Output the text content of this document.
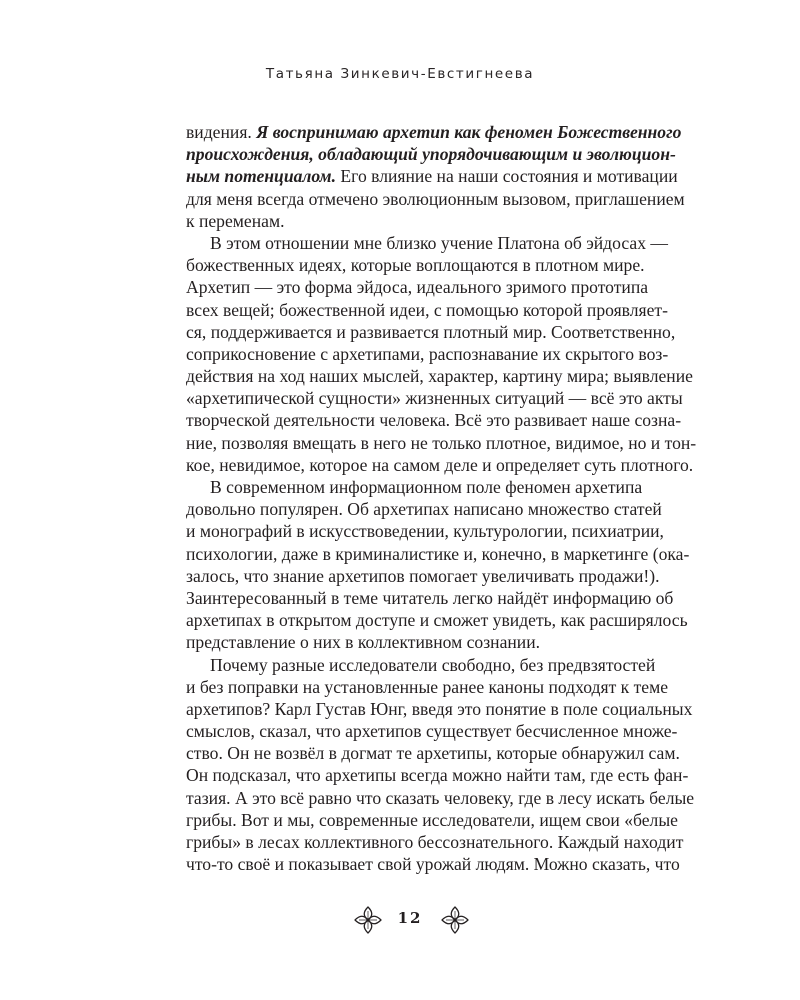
Татьяна Зинкевич-Евстигнеева
видения. Я воспринимаю архетип как феномен Божественного
происхождения, обладающий упорядочивающим и эволюцион-
ным потенциалом. Его влияние на наши состояния и мотивации
для меня всегда отмечено эволюционным вызовом, приглашением
к переменам.
В этом отношении мне близко учение Платона об эйдосах —
божественных идеях, которые воплощаются в плотном мире.
Архетип — это форма эйдоса, идеального зримого прототипа
всех вещей; божественной идеи, с помощью которой проявляет-
ся, поддерживается и развивается плотный мир. Соответственно,
соприкосновение с архетипами, распознавание их скрытого воз-
действия на ход наших мыслей, характер, картину мира; выявление
«архетипической сущности» жизненных ситуаций — всё это акты
творческой деятельности человека. Всё это развивает наше созна-
ние, позволяя вмещать в него не только плотное, видимое, но и тон-
кое, невидимое, которое на самом деле и определяет суть плотного.
В современном информационном поле феномен архетипа
довольно популярен. Об архетипах написано множество статей
и монографий в искусствоведении, культурологии, психиатрии,
психологии, даже в криминалистике и, конечно, в маркетинге (ока-
залось, что знание архетипов помогает увеличивать продажи!).
Заинтересованный в теме читатель легко найдёт информацию об
архетипах в открытом доступе и сможет увидеть, как расширялось
представление о них в коллективном сознании.
Почему разные исследователи свободно, без предвзятостей
и без поправки на установленные ранее каноны подходят к теме
архетипов? Карл Густав Юнг, введя это понятие в поле социальных
смыслов, сказал, что архетипов существует бесчисленное множе-
ство. Он не возвёл в догмат те архетипы, которые обнаружил сам.
Он подсказал, что архетипы всегда можно найти там, где есть фан-
тазия. А это всё равно что сказать человеку, где в лесу искать белые
грибы. Вот и мы, современные исследователи, ищем свои «белые
грибы» в лесах коллективного бессознательного. Каждый находит
что-то своё и показывает свой урожай людям. Можно сказать, что
12
